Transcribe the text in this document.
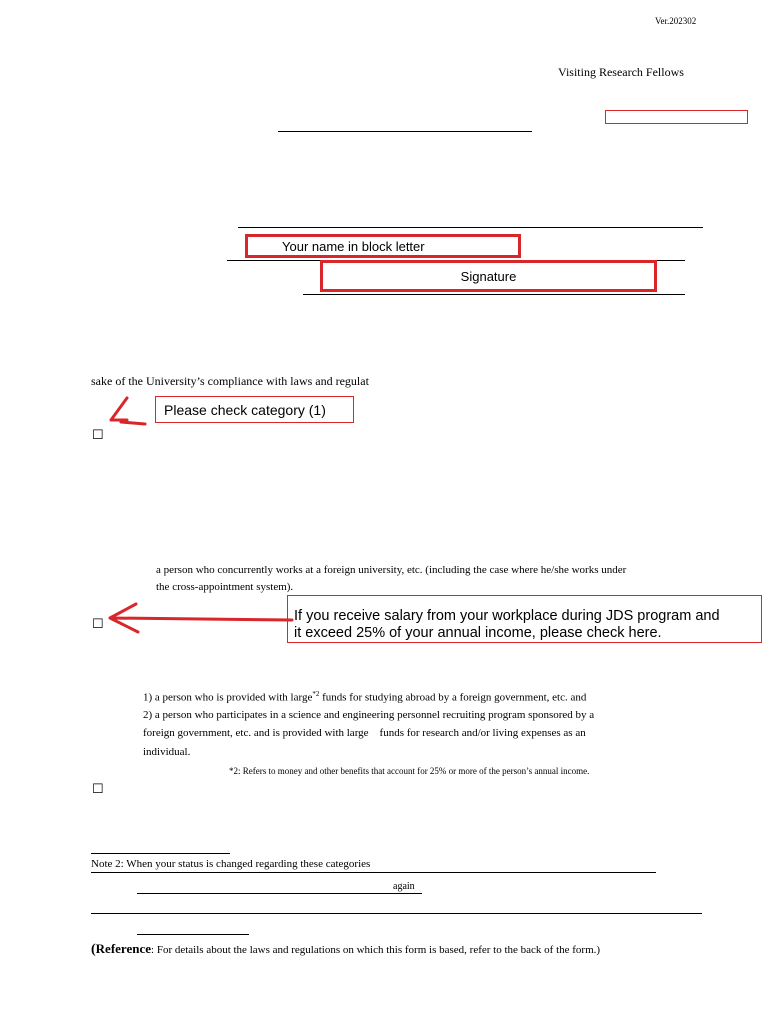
Ver.202302
Visiting Research Fellows
Your name in block letter
Signature
sake of the University’s compliance with laws and regulat
Please check category (1)
☐
a person who concurrently works at a foreign university, etc. (including the case where he/she works under
the cross-appointment system).
☐	If you receive salary from your workplace during JDS program and
it exceed 25% of your annual income, please check here.
1) a person who is provided with large$^{*2}$ funds for studying abroad by a foreign government, etc. and
2) a person who participates in a science and engineering personnel recruiting program sponsored by a
foreign government, etc. and is provided with large    funds for research and/or living expenses as an
individual.
*2: Refers to money and other benefits that account for 25% or more of the person’s annual income.
☐
Note 2: When your status is changed regarding these categories
again
(Reference: For details about the laws and regulations on which this form is based, refer to the back of the form.)
